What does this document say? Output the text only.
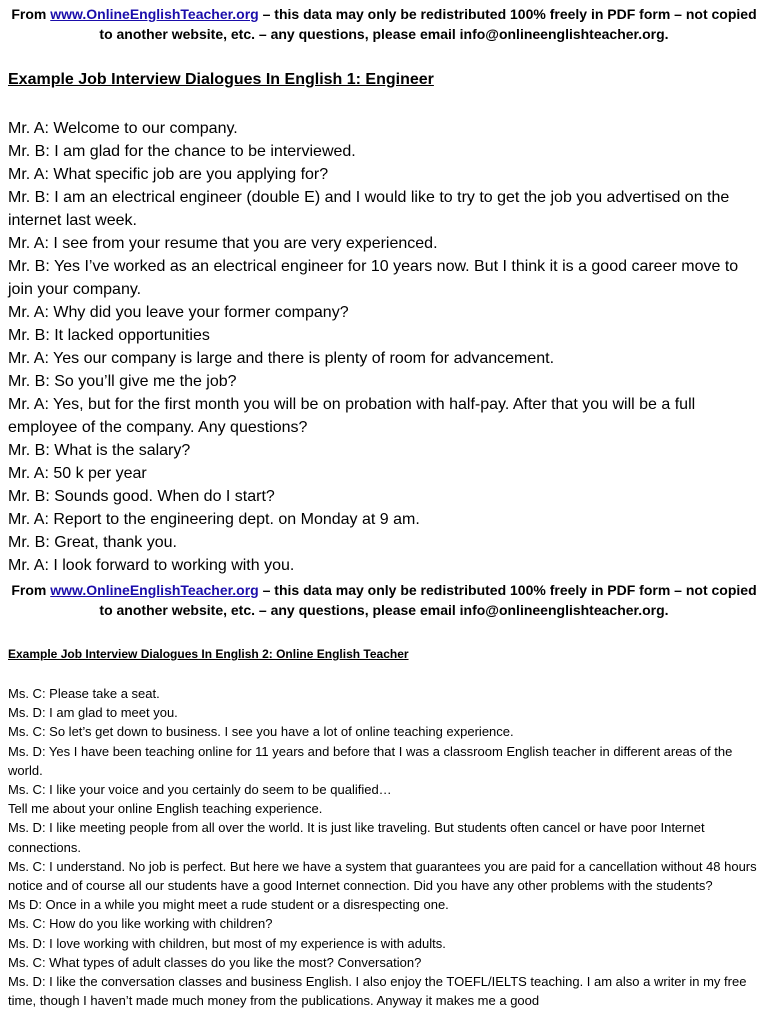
From www.OnlineEnglishTeacher.org – this data may only be redistributed 100% freely in PDF form – not copied to another website, etc. – any questions, please email info@onlineenglishteacher.org.
Example Job Interview Dialogues In English 1: Engineer
Mr. A: Welcome to our company.
Mr. B: I am glad for the chance to be interviewed.
Mr. A: What specific job are you applying for?
Mr. B: I am an electrical engineer (double E) and I would like to try to get the job you advertised on the internet last week.
Mr. A: I see from your resume that you are very experienced.
Mr. B: Yes I’ve worked as an electrical engineer for 10 years now. But I think it is a good career move to join your company.
Mr. A: Why did you leave your former company?
Mr. B: It lacked opportunities
Mr. A: Yes our company is large and there is plenty of room for advancement.
Mr. B: So you’ll give me the job?
Mr. A: Yes, but for the first month you will be on probation with half-pay. After that you will be a full employee of the company. Any questions?
Mr. B: What is the salary?
Mr. A: 50 k per year
Mr. B: Sounds good. When do I start?
Mr. A: Report to the engineering dept. on Monday at 9 am.
Mr. B: Great, thank you.
Mr. A: I look forward to working with you.
From www.OnlineEnglishTeacher.org – this data may only be redistributed 100% freely in PDF form – not copied to another website, etc. – any questions, please email info@onlineenglishteacher.org.
Example Job Interview Dialogues In English 2: Online English Teacher
Ms. C: Please take a seat.
Ms. D: I am glad to meet you.
Ms. C: So let’s get down to business. I see you have a lot of online teaching experience.
Ms. D: Yes I have been teaching online for 11 years and before that I was a classroom English teacher in different areas of the world.
Ms. C: I like your voice and you certainly do seem to be qualified…
Tell me about your online English teaching experience.
Ms. D: I like meeting people from all over the world. It is just like traveling. But students often cancel or have poor Internet connections.
Ms. C: I understand. No job is perfect. But here we have a system that guarantees you are paid for a cancellation without 48 hours notice and of course all our students have a good Internet connection. Did you have any other problems with the students?
Ms D: Once in a while you might meet a rude student or a disrespecting one.
Ms. C: How do you like working with children?
Ms. D: I love working with children, but most of my experience is with adults.
Ms. C: What types of adult classes do you like the most? Conversation?
Ms. D: I like the conversation classes and business English. I also enjoy the TOEFL/IELTS teaching. I am also a writer in my free time, though I haven’t made much money from the publications. Anyway it makes me a good
